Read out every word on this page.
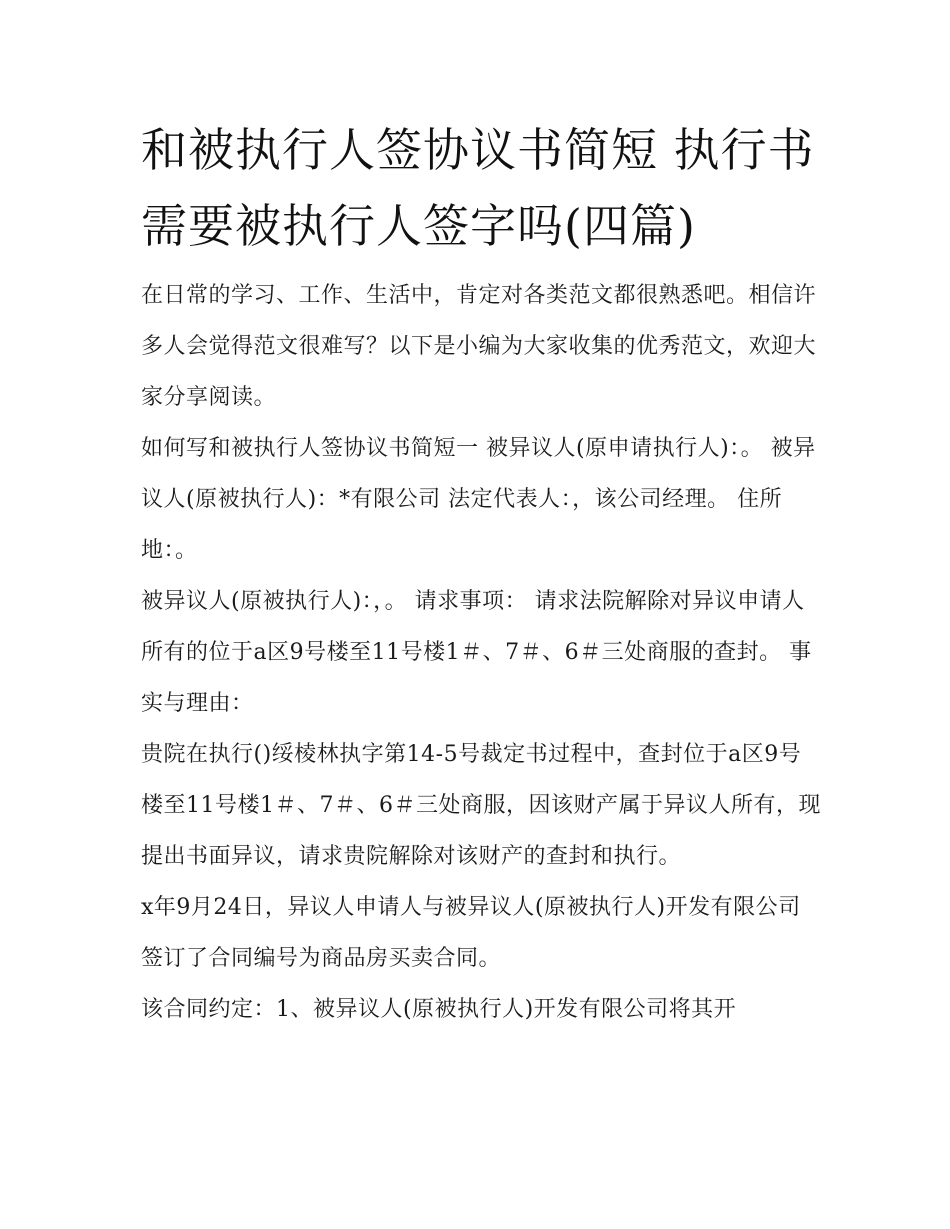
和被执行人签协议书简短 执行书需要被执行人签字吗(四篇)

在日常的学习、工作、生活中，肯定对各类范文都很熟悉吧。相信许多人会觉得范文很难写？以下是小编为大家收集的优秀范文，欢迎大家分享阅读。

如何写和被执行人签协议书简短一 被异议人(原申请执行人)：。 被异议人(原被执行人)：*有限公司 法定代表人：，该公司经理。 住所地：。

被异议人(原被执行人)：，。 请求事项： 请求法院解除对异议申请人所有的位于a区9号楼至11号楼1＃、7＃、6＃三处商服的查封。 事实与理由：

贵院在执行()绥棱林执字第14-5号裁定书过程中，查封位于a区9号楼至11号楼1＃、7＃、6＃三处商服，因该财产属于异议人所有，现提出书面异议，请求贵院解除对该财产的查封和执行。

x年9月24日，异议人申请人与被异议人(原被执行人)开发有限公司签订了合同编号为商品房买卖合同。

该合同约定：1、被异议人(原被执行人)开发有限公司将其开
